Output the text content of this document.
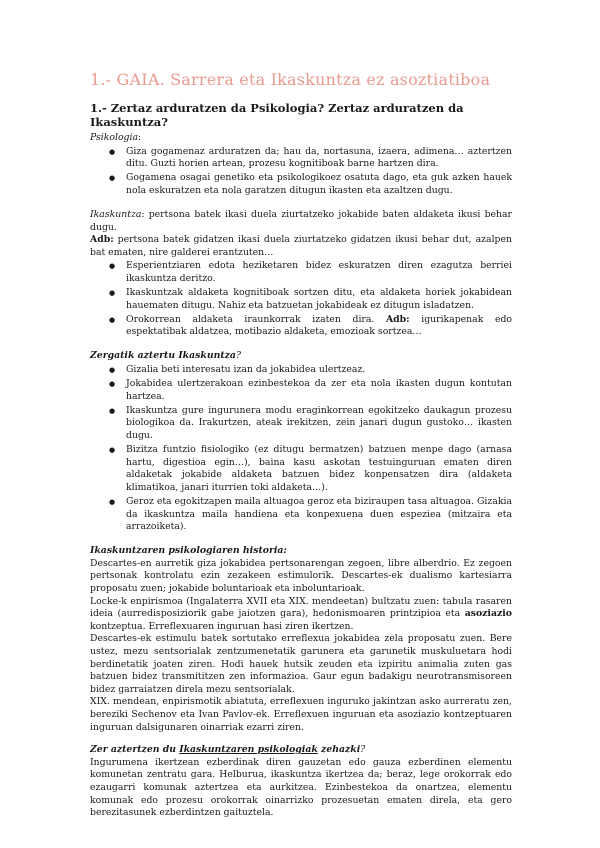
1.- GAIA. Sarrera eta Ikaskuntza ez asoztiatiboa
1.- Zertaz arduratzen da Psikologia? Zertaz arduratzen da Ikaskuntza?

Psikologia:

● Giza gogamenaz arduratzen da; hau da, nortasuna, izaera, adimena… aztertzen ditu. Guzti horien artean, prozesu kognitiboak barne hartzen dira.
● Gogamena osagai genetiko eta psikologikoez osatuta dago, eta guk azken hauek nola eskuratzen eta nola garatzen ditugun ikasten eta azaltzen dugu.

Ikaskuntza: pertsona batek ikasi duela ziurtatzeko jokabide baten aldaketa ikusi behar dugu.
Adb: pertsona batek gidatzen ikasi duela ziurtatzeko gidatzen ikusi behar dut, azalpen bat ematen, nire galderei erantzuten…

● Esperientziaren edota heziketaren bidez eskuratzen diren ezagutza berriei ikaskuntza deritzo.
● Ikaskuntzak aldaketa kognitiboak sortzen ditu, eta aldaketa horiek jokabidean hauematen ditugu. Nahiz eta batzuetan jokabideak ez ditugun isladatzen.
● Orokorrean aldaketa iraunkorrak izaten dira. Adb: igurikapenak edo espektatibak aldatzea, motibazio aldaketa, emozioak sortzea…

Zergatik aztertu Ikaskuntza?

● Gizalia beti interesatu izan da jokabidea ulertzeaz.
● Jokabidea ulertzerakoan ezinbestekoa da zer eta nola ikasten dugun kontutan hartzea.
● Ikaskuntza gure ingurunera modu eraginkorrean egokitzeko daukagun prozesu biologikoa da. Irakurtzen, ateak irekitzen, zein janari dugun gustoko… ikasten dugu.
● Bizitza funtzio fisiologiko (ez ditugu bermatzen) batzuen menpe dago (arnasa hartu, digestioa egin…), baina kasu askotan testuinguruan ematen diren aldaketak jokabide aldaketa batzuen bidez konpensatzen dira (aldaketa klimatikoa, janari iturrien toki aldaketa…).
● Geroz eta egokitzapen maila altuagoa geroz eta biziraupen tasa altuagoa. Gizakia da ikaskuntza maila handiena eta konpexuena duen espeziea (mitzaira eta arrazoiketa).

Ikaskuntzaren psikologiaren historia:

Descartes-en aurretik giza jokabidea pertsonarengan zegoen, libre alberdrio. Ez zegoen pertsonak kontrolatu ezin zezakeen estimulorik. Descartes-ek dualismo kartesiarra proposatu zuen; jokabide boluntarioak eta inboluntarioak.

Locke-k enpirismoa (Ingalaterra XVII eta XIX. mendeetan) bultzatu zuen: tabula rasaren ideia (aurredisposiziorik gabe jaiotzen gara), hedonismoaren printzipioa eta asoziazio kontzeptua. Erreflexuaren inguruan hasi ziren ikertzen.

Descartes-ek estimulu batek sortutako erreflexua jokabidea zela proposatu zuen. Bere ustez, mezu sentsorialak zentzumenetatik garunera eta garunetik muskuluetara hodi berdinetatik joaten ziren. Hodi hauek hutsik zeuden eta izpiritu animalia zuten gas batzuen bidez transmititzen zen informazioa. Gaur egun badakigu neurotransmisoreen bidez garraiatzen direla mezu sentsorialak.

XIX. mendean, enpirismotik abiatuta, erreflexuen inguruko jakintzan asko aurreratu zen, bereziki Sechenov eta Ivan Pavlov-ek. Erreflexuen inguruan eta asoziazio kontzeptuaren inguruan dalsigunaren oinarriak ezarri ziren.

Zer aztertzen du Ikaskuntzaren psikologiak zehazki?

Ingurumena ikertzean ezberdinak diren gauzetan edo gauza ezberdinen elementu komunetan zentratu gara. Helburua, ikaskuntza ikertzea da; beraz, lege orokorrak edo ezaugarri komunak aztertzea eta aurkitzea. Ezinbestekoa da onartzea, elementu komunak edo prozesu orokorrak oinarrizko prozesuetan ematen direla, eta gero berezitasunek ezberdintzen gaituztela.
